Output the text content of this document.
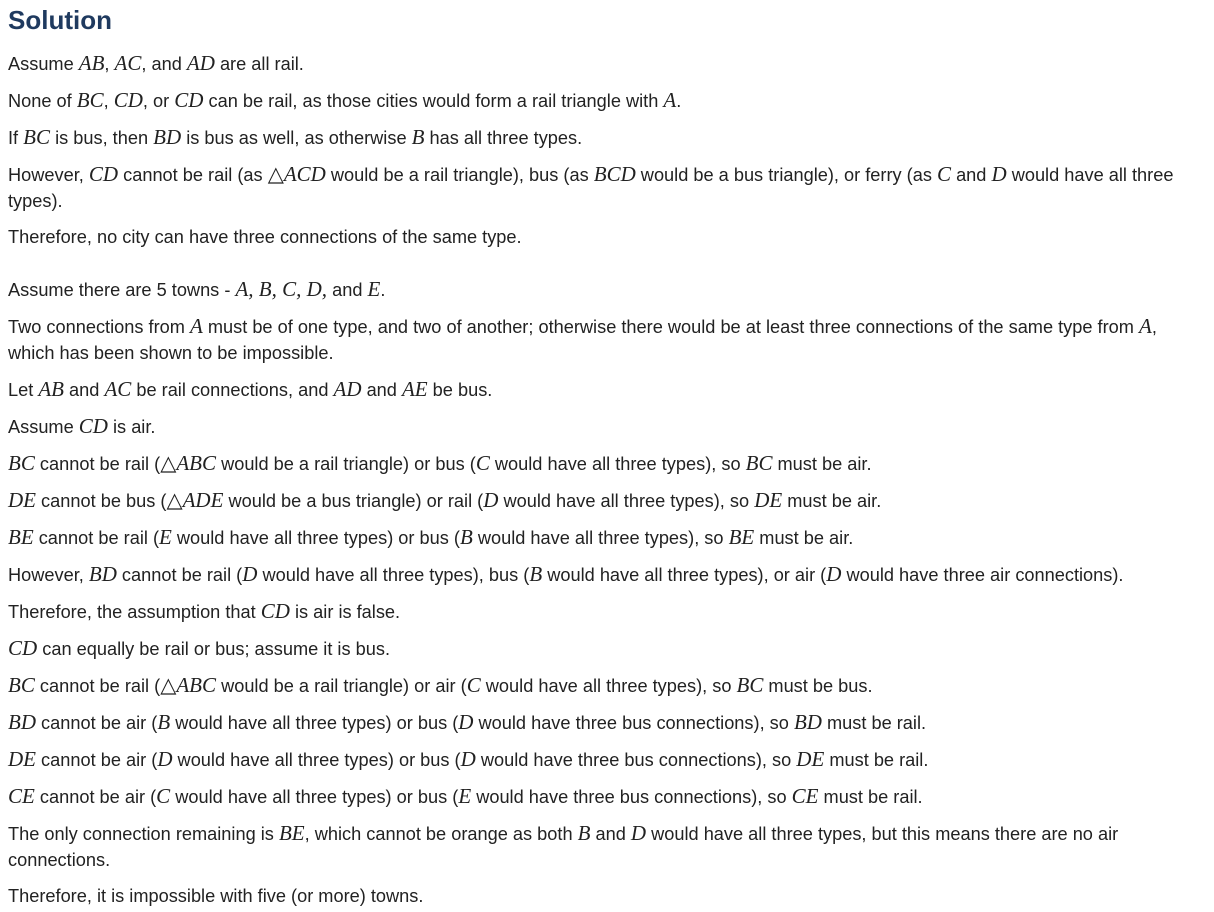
Solution

Assume AB, AC, and AD are all rail.

None of BC, CD, or CD can be rail, as those cities would form a rail triangle with A.

If BC is bus, then BD is bus as well, as otherwise B has all three types.

However, CD cannot be rail (as △ACD would be a rail triangle), bus (as BCD would be a bus triangle), or ferry (as C and D would have all three types).

Therefore, no city can have three connections of the same type.

Assume there are 5 towns - A, B, C, D, and E.

Two connections from A must be of one type, and two of another; otherwise there would be at least three connections of the same type from A, which has been shown to be impossible.

Let AB and AC be rail connections, and AD and AE be bus.

Assume CD is air.

BC cannot be rail (△ABC would be a rail triangle) or bus (C would have all three types), so BC must be air.

DE cannot be bus (△ADE would be a bus triangle) or rail (D would have all three types), so DE must be air.

BE cannot be rail (E would have all three types) or bus (B would have all three types), so BE must be air.

However, BD cannot be rail (D would have all three types), bus (B would have all three types), or air (D would have three air connections).

Therefore, the assumption that CD is air is false.

CD can equally be rail or bus; assume it is bus.

BC cannot be rail (△ABC would be a rail triangle) or air (C would have all three types), so BC must be bus.

BD cannot be air (B would have all three types) or bus (D would have three bus connections), so BD must be rail.

DE cannot be air (D would have all three types) or bus (D would have three bus connections), so DE must be rail.

CE cannot be air (C would have all three types) or bus (E would have three bus connections), so CE must be rail.

The only connection remaining is BE, which cannot be orange as both B and D would have all three types, but this means there are no air connections.

Therefore, it is impossible with five (or more) towns.
